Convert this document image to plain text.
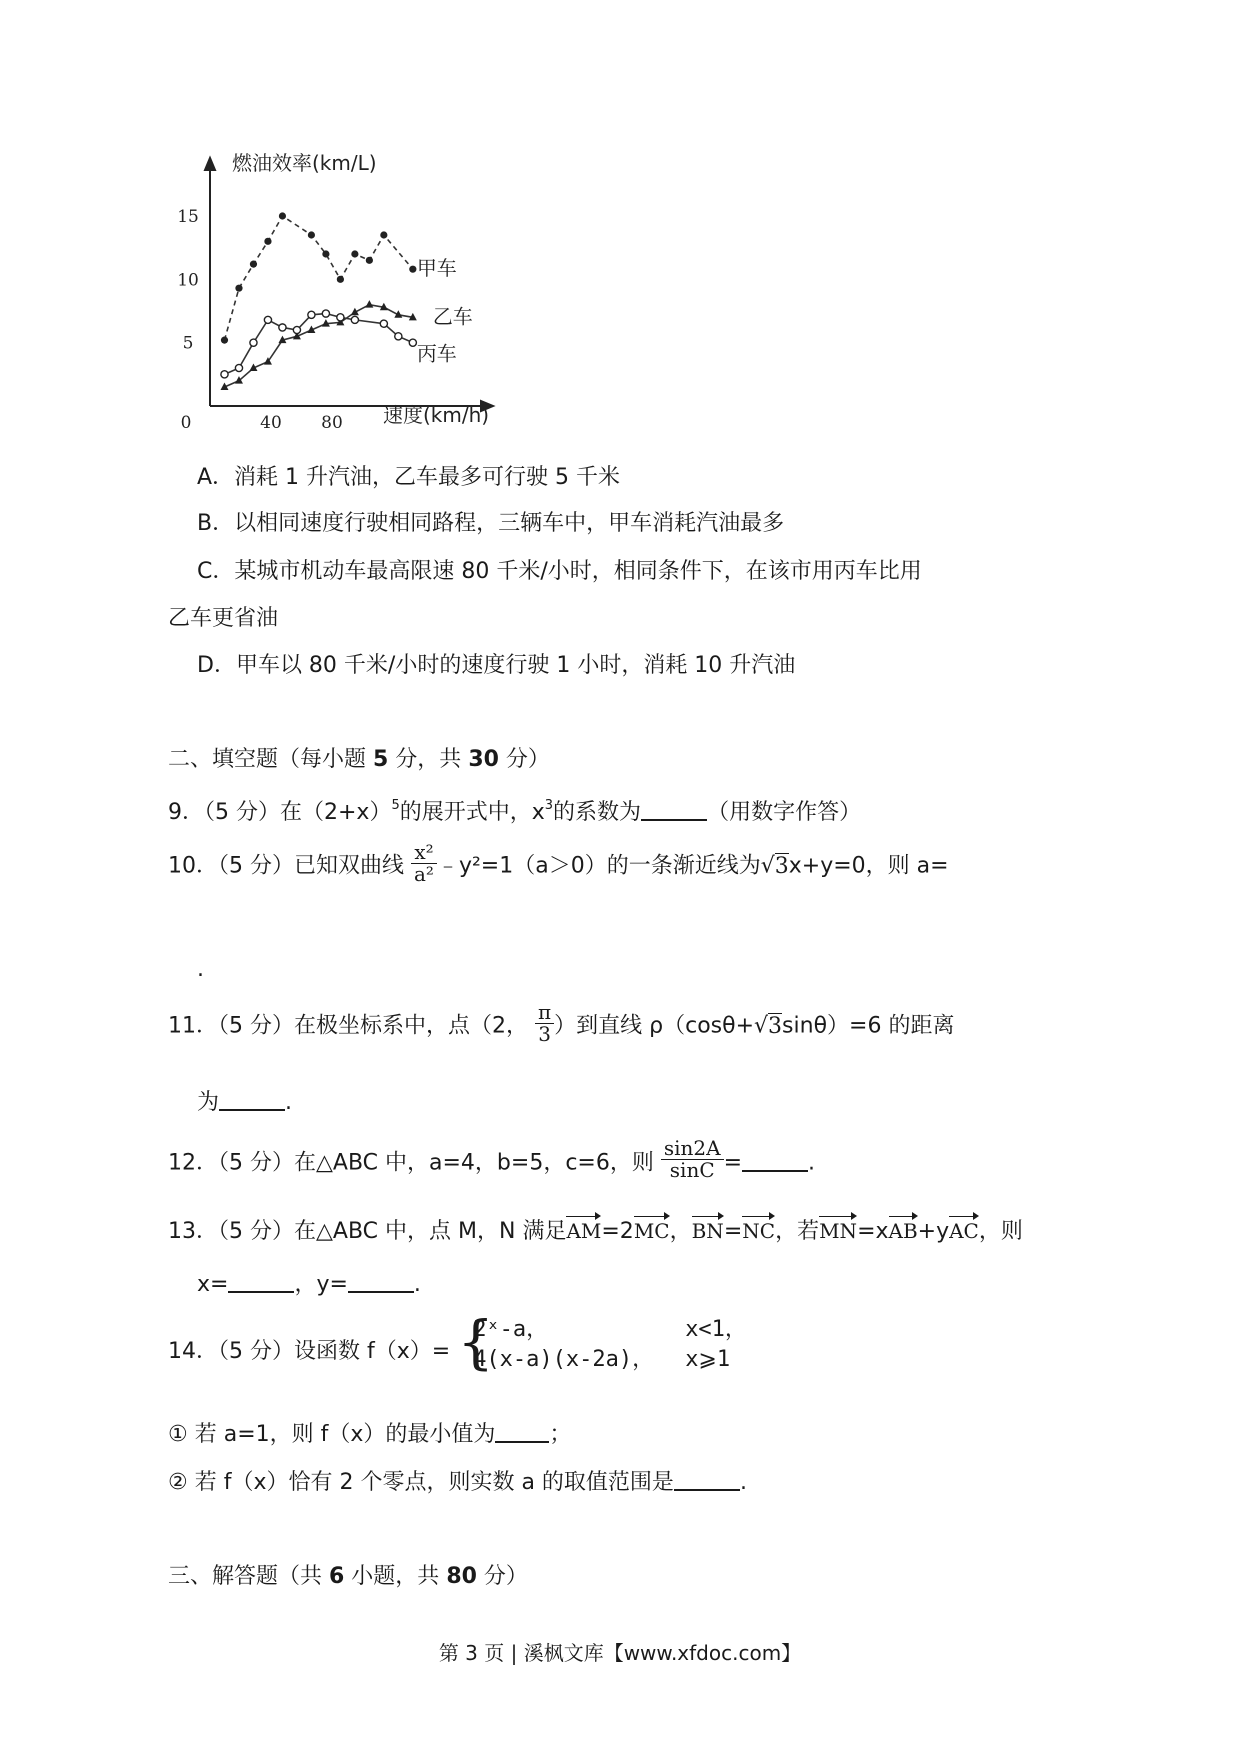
40 80
0
5
10
15
燃油效率(km/L)
速度(km/h)
甲车
乙车
丙车
A．消耗 1 升汽油，乙车最多可行驶 5 千米
B．以相同速度行驶相同路程，三辆车中，甲车消耗汽油最多
C．某城市机动车最高限速 80 千米/小时，相同条件下，在该市用丙车比用
乙车更省油
D．甲车以 80 千米/小时的速度行驶 1 小时，消耗 10 升汽油
二、填空题（每小题 5 分，共 30 分）
9．（5 分）在$(2+x)^5$的展开式中，$x^3$的系数为	（用数字作答）
10．（5 分）已知双曲线 $\frac{\text{x²}}{\text{a²}}$ ﹣y²=1（a＞0）的一条渐近线为√3x+y=0，则 a=
.
11．（5 分）在极坐标系中，点（2， $\frac{\pi}{3}$ ）到直线 ρ（cosθ+√3sinθ）=6 的距离
为	.
12．（5 分）在△ABC 中，a=4，b=5，c=6，则 $\frac{\sin 2A}{\sin C}$ =	.
13．（5 分）在△ABC 中，点 M，N 满足AM=2MC，BN=NC，若MN=xAB+yAC，则
x=	，y=	.
14．（5 分）设函数 f（x）= {
2ˣ-a，	x<1，
4(x-a)(x-2a)，	x⩾1
① 若 a=1，则 f（x）的最小值为 ；
② 若 f（x）恰有 2 个零点，则实数 a 的取值范围是	.
三、解答题（共 6 小题，共 80 分）
第 3 页 | 溪枫文库【www.xfdoc.com】
